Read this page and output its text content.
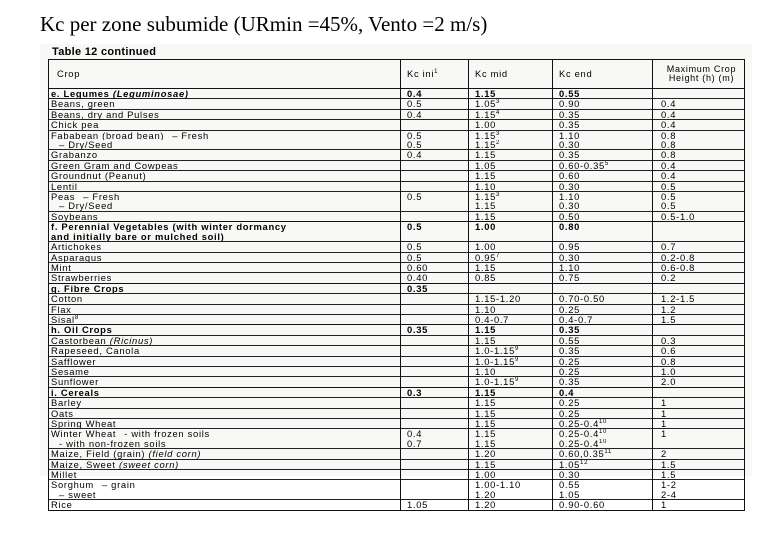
Kc per zone subumide (URmin =45%, Vento =2 m/s)
Table 12 continued
Crop	Kc ini$^1$	Kc mid	Kc end	Maximum Crop Height (h) (m)
e. Legumes (Leguminosae)	0.4	1.15	0.55	
Beans, green	0.5	1.05$^3$	0.90	0.4
Beans, dry and Pulses	0.4	1.15$^4$	0.35	0.4
Chick pea		1.00	0.35	0.4
Fababean (broad bean) – Fresh	0.5	1.15$^3$	1.10	0.8
– Dry/Seed	0.5	1.15$^2$	0.30	0.8
Grabanzo	0.4	1.15	0.35	0.8
Green Gram and Cowpeas		1.05	0.60-0.35$^5$	0.4
Groundnut (Peanut)		1.15	0.60	0.4
Lentil		1.10	0.30	0.5
Peas – Fresh	0.5	1.15$^3$	1.10	0.5
– Dry/Seed		1.15	0.30	0.5
Soybeans		1.15	0.50	0.5-1.0
f. Perennial Vegetables (with winter dormancy	0.5	1.00	0.80	
and initially bare or mulched soil)				
Artichokes	0.5	1.00	0.95	0.7
Asparagus	0.5	0.95$^7$	0.30	0.2-0.8
Mint	0.60	1.15	1.10	0.6-0.8
Strawberries	0.40	0.85	0.75	0.2
g. Fibre Crops	0.35			
Cotton		1.15-1.20	0.70-0.50	1.2-1.5
Flax		1.10	0.25	1.2
Sisal$^8$		0.4-0.7	0.4-0.7	1.5
h. Oil Crops	0.35	1.15	0.35	
Castorbean (Ricinus)		1.15	0.55	0.3
Rapeseed, Canola		1.0-1.15$^9$	0.35	0.6
Safflower		1.0-1.15$^9$	0.25	0.8
Sesame		1.10	0.25	1.0
Sunflower		1.0-1.15$^9$	0.35	2.0
i. Cereals	0.3	1.15	0.4	
Barley		1.15	0.25	1
Oats		1.15	0.25	1
Spring Wheat		1.15	$0.25-0.4^{10}$	1
Winter Wheat - with frozen soils	0.4	1.15	$0.25-0.4^{10}$	1
- with non-frozen soils	0.7	1.15	$0.25-0.4^{10}$	
Maize, Field (grain) (field corn)		1.20	0.60,0.35$^{11}$	2
Maize, Sweet (sweet corn)		1.15	1.05$^{12}$	1.5
Millet		1.00	0.30	1.5
Sorghum – grain		1.00-1.10	0.55	1-2
– sweet		1.20	1.05	2-4
Rice	1.05	1.20	0.90-0.60	1
